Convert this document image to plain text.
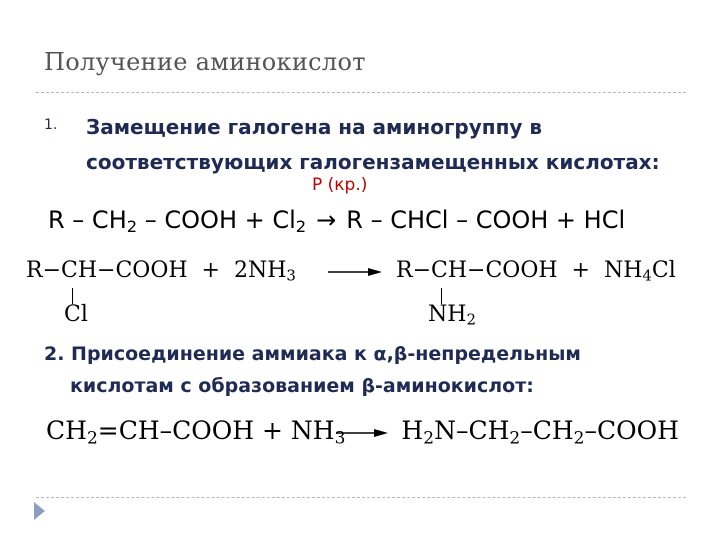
Получение аминокислот
1. Замещение галогена на аминогруппу в
соответствующих галогензамещенных кислотах:
Р (кр.)
R – $CH_2$ – COOH + $Cl_2 \to R$ – CHCl – COOH + HCl
R−CH−COOH  +  $2NH_3$
Cl
R−CH−COOH  +  $NH_4Cl$
$NH_2$
2. Присоединение аммиака к α,β-непредельным
кислотам с образованием β-аминокислот:
$CH_2=CH$–COOH + $NH_3$ $H_2N-CH_2-CH_2$–COOH
